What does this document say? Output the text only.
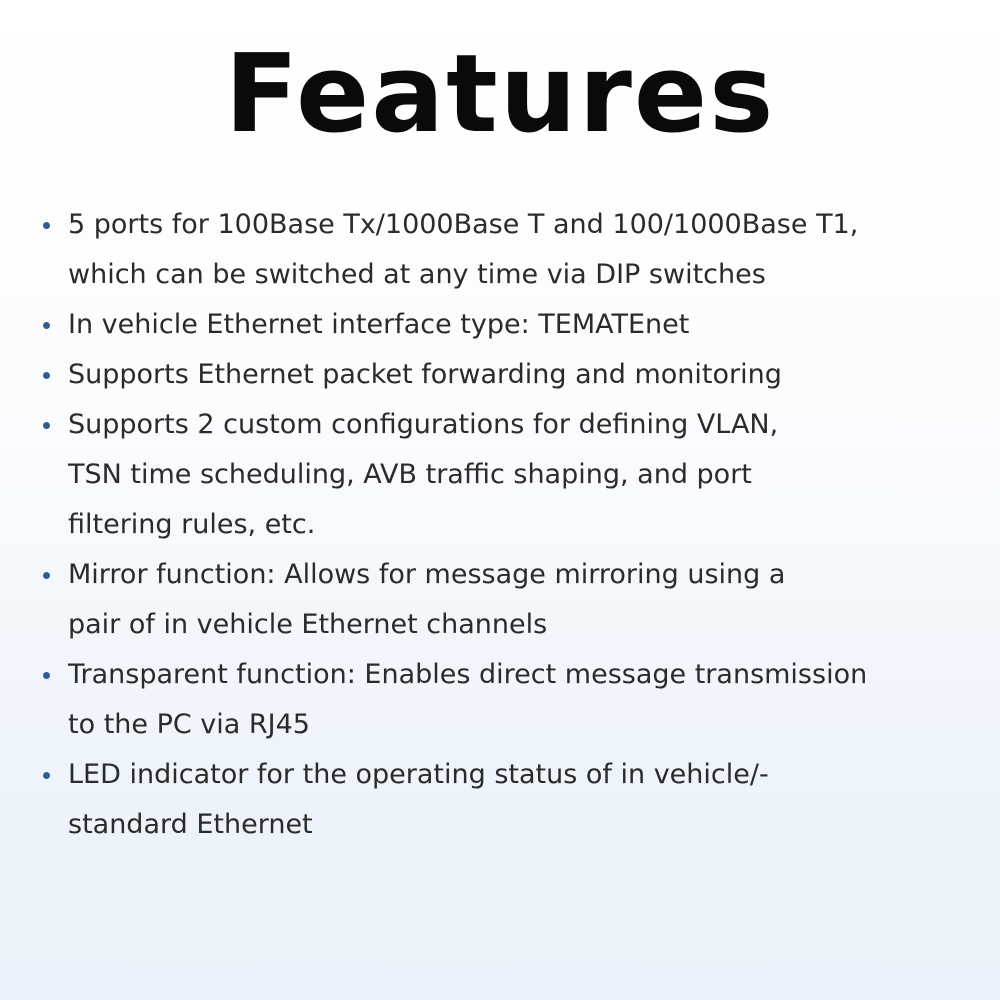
Features
5 ports for 100Base Tx/1000Base T and 100/1000Base T1,
which can be switched at any time via DIP switches
In vehicle Ethernet interface type: TEMATEnet
Supports Ethernet packet forwarding and monitoring
Supports 2 custom configurations for defining VLAN,
TSN time scheduling, AVB traffic shaping, and port
filtering rules, etc.
Mirror function: Allows for message mirroring using a
pair of in vehicle Ethernet channels
Transparent function: Enables direct message transmission
to the PC via RJ45
LED indicator for the operating status of in vehicle/-
standard Ethernet
